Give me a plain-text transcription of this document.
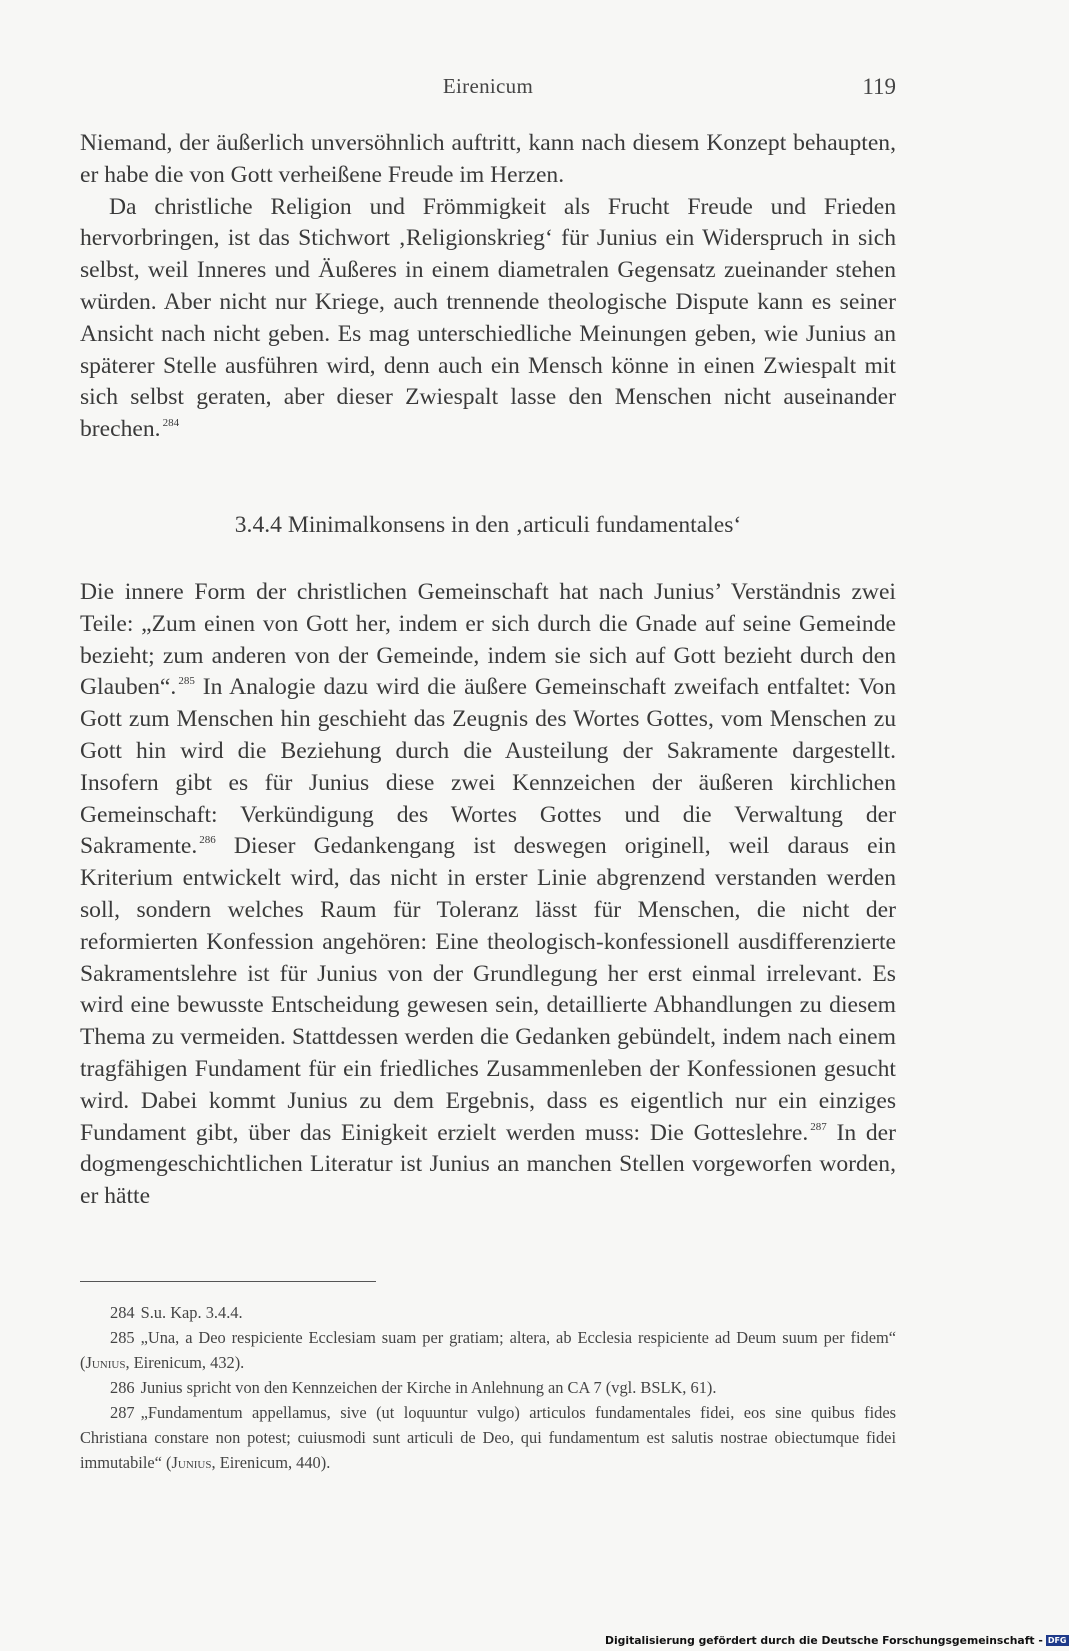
Eirenicum	119

Niemand, der äußerlich unversöhnlich auftritt, kann nach diesem Konzept behaupten, er habe die von Gott verheißene Freude im Herzen.

Da christliche Religion und Frömmigkeit als Frucht Freude und Frieden hervorbringen, ist das Stichwort ‚Religionskrieg‘ für Junius ein Widerspruch in sich selbst, weil Inneres und Äußeres in einem diametralen Gegensatz zueinander stehen würden. Aber nicht nur Kriege, auch trennende theologische Dispute kann es seiner Ansicht nach nicht geben. Es mag unterschiedliche Meinungen geben, wie Junius an späterer Stelle ausführen wird, denn auch ein Mensch könne in einen Zwiespalt mit sich selbst geraten, aber dieser Zwiespalt lasse den Menschen nicht auseinander brechen. $^{284}$

3.4.4 Minimalkonsens in den ‚articuli fundamentales‘

Die innere Form der christlichen Gemeinschaft hat nach Junius’ Verständnis zwei Teile: „Zum einen von Gott her, indem er sich durch die Gnade auf seine Gemeinde bezieht; zum anderen von der Gemeinde, indem sie sich auf Gott bezieht durch den Glauben“. $^{285}$ In Analogie dazu wird die äußere Gemeinschaft zweifach entfaltet: Von Gott zum Menschen hin geschieht das Zeugnis des Wortes Gottes, vom Menschen zu Gott hin wird die Beziehung durch die Austeilung der Sakramente dargestellt. Insofern gibt es für Junius diese zwei Kennzeichen der äußeren kirchlichen Gemeinschaft: Verkündigung des Wortes Gottes und die Verwaltung der Sakramente. $^{286}$ Dieser Gedankengang ist deswegen originell, weil daraus ein Kriterium entwickelt wird, das nicht in erster Linie abgrenzend verstanden werden soll, sondern welches Raum für Toleranz lässt für Menschen, die nicht der reformierten Konfession angehören: Eine theologisch-konfessionell ausdifferenzierte Sakramentslehre ist für Junius von der Grundlegung her erst einmal irrelevant. Es wird eine bewusste Entscheidung gewesen sein, detaillierte Abhandlungen zu diesem Thema zu vermeiden. Stattdessen werden die Gedanken gebündelt, indem nach einem tragfähigen Fundament für ein friedliches Zusammenleben der Konfessionen gesucht wird. Dabei kommt Junius zu dem Ergebnis, dass es eigentlich nur ein einziges Fundament gibt, über das Einigkeit erzielt werden muss: Die Gotteslehre. $^{287}$ In der dogmengeschichtlichen Literatur ist Junius an manchen Stellen vorgeworfen worden, er hätte

284 S.u. Kap. 3.4.4.

285 „Una, a Deo respiciente Ecclesiam suam per gratiam; altera, ab Ecclesia respiciente ad Deum suum per fidem“ (Junius, Eirenicum, 432).

286 Junius spricht von den Kennzeichen der Kirche in Anlehnung an CA 7 (vgl. BSLK, 61).

287 „Fundamentum appellamus, sive (ut loquuntur vulgo) articulos fundamentales fidei, eos sine quibus fides Christiana constare non potest; cuiusmodi sunt articuli de Deo, qui fundamentum est salutis nostrae obiectumque fidei immutabile“ (Junius, Eirenicum, 440).

Digitalisierung gefördert durch die Deutsche Forschungsgemeinschaft - DFG
